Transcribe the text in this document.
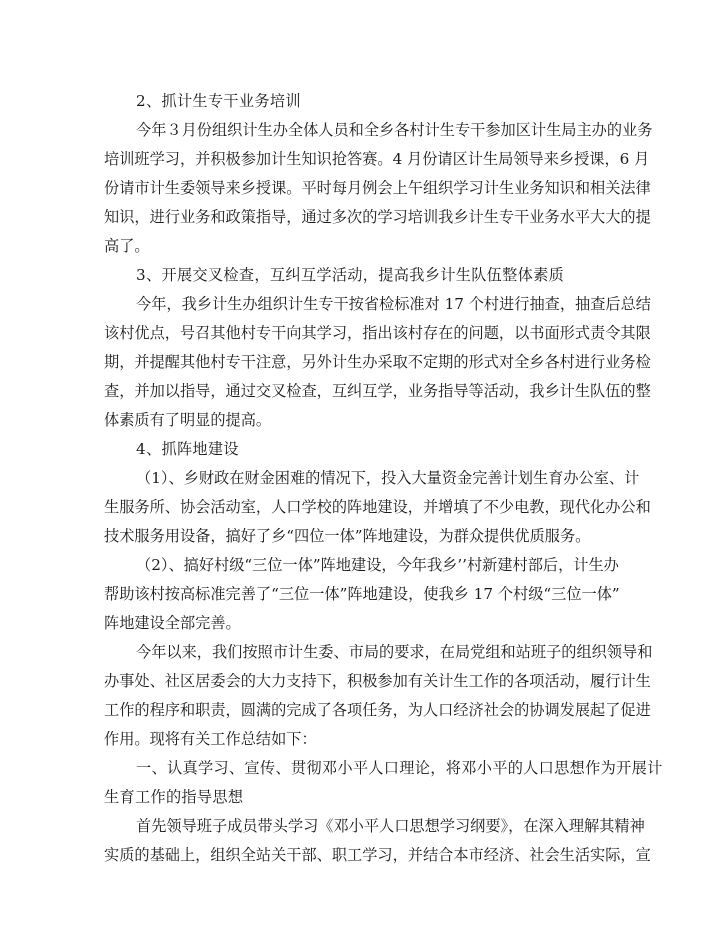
2、抓计生专干业务培训
今年３月份组织计生办全体人员和全乡各村计生专干参加区计生局主办的业务
培训班学习，并积极参加计生知识抢答赛。4 月份请区计生局领导来乡授课，6 月
份请市计生委领导来乡授课。平时每月例会上午组织学习计生业务知识和相关法律
知识，进行业务和政策指导，通过多次的学习培训我乡计生专干业务水平大大的提
高了。
3、开展交叉检查，互纠互学活动，提高我乡计生队伍整体素质
今年，我乡计生办组织计生专干按省检标准对 17 个村进行抽查，抽查后总结
该村优点，号召其他村专干向其学习，指出该村存在的问题，以书面形式责令其限
期，并提醒其他村专干注意，另外计生办采取不定期的形式对全乡各村进行业务检
查，并加以指导，通过交叉检查，互纠互学，业务指导等活动，我乡计生队伍的整
体素质有了明显的提高。
4、抓阵地建设
（1）、乡财政在财金困难的情况下，投入大量资金完善计划生育办公室、计
生服务所、协会活动室，人口学校的阵地建设，并增填了不少电教，现代化办公和
技术服务用设备，搞好了乡“四位一体”阵地建设，为群众提供优质服务。
（2）、搞好村级“三位一体”阵地建设，今年我乡’’村新建村部后，计生办
帮助该村按高标准完善了“三位一体”阵地建设，使我乡 17 个村级“三位一体”
阵地建设全部完善。
今年以来，我们按照市计生委、市局的要求，在局党组和站班子的组织领导和
办事处、社区居委会的大力支持下，积极参加有关计生工作的各项活动，履行计生
工作的程序和职责，圆满的完成了各项任务，为人口经济社会的协调发展起了促进
作用。现将有关工作总结如下：
一、认真学习、宣传、贯彻邓小平人口理论，将邓小平的人口思想作为开展计
生育工作的指导思想
首先领导班子成员带头学习《邓小平人口思想学习纲要》，在深入理解其精神
实质的基础上，组织全站关干部、职工学习，并结合本市经济、社会生活实际，宣
